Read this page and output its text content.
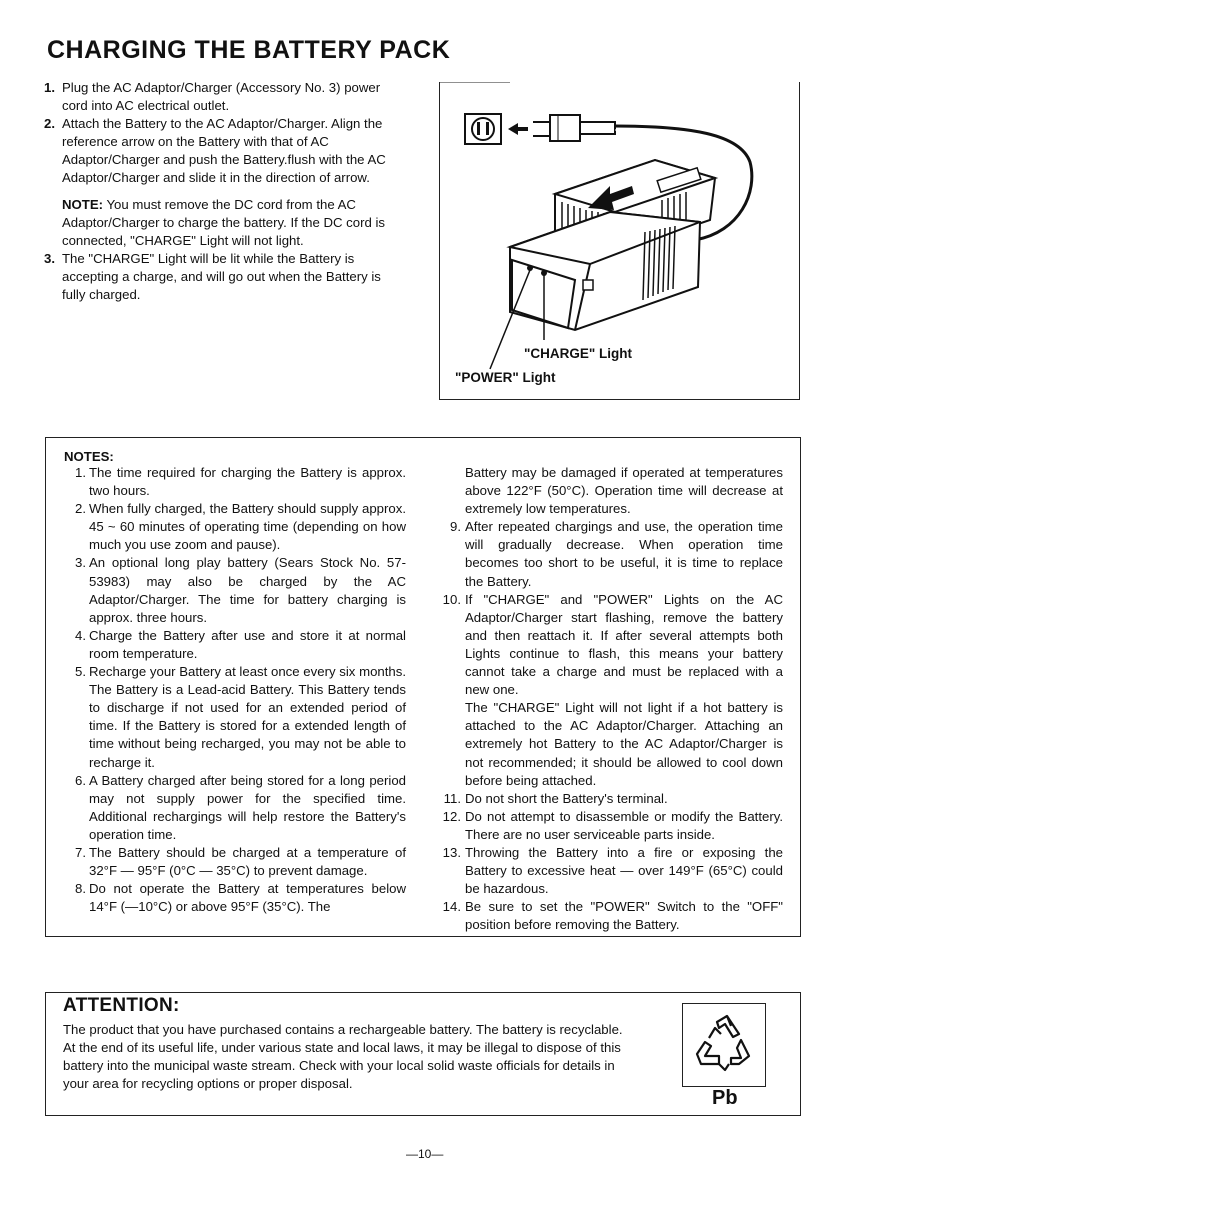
CHARGING THE BATTERY PACK
1. Plug the AC Adaptor/Charger (Accessory No. 3) power cord into AC electrical outlet.
2. Attach the Battery to the AC Adaptor/Charger. Align the reference arrow on the Battery with that of AC Adaptor/Charger and push the Battery.flush with the AC Adaptor/Charger and slide it in the direction of arrow.
NOTE: You must remove the DC cord from the AC Adaptor/Charger to charge the battery. If the DC cord is connected, "CHARGE" Light will not light.
3. The "CHARGE" Light will be lit while the Battery is accepting a charge, and will go out when the Battery is fully charged.
"CHARGE" Light
"POWER" Light
NOTES:
1. The time required for charging the Battery is approx. two hours.
2. When fully charged, the Battery should supply approx. 45 ~ 60 minutes of operating time (depending on how much you use zoom and pause).
3. An optional long play battery (Sears Stock No. 57-53983) may also be charged by the AC Adaptor/Charger. The time for battery charging is approx. three hours.
4. Charge the Battery after use and store it at normal room temperature.
5. Recharge your Battery at least once every six months. The Battery is a Lead-acid Battery. This Battery tends to discharge if not used for an extended period of time. If the Battery is stored for a extended length of time without being recharged, you may not be able to recharge it.
6. A Battery charged after being stored for a long period may not supply power for the specified time. Additional rechargings will help restore the Battery's operation time.
7. The Battery should be charged at a temperature of 32°F — 95°F (0°C — 35°C) to prevent damage.
8. Do not operate the Battery at temperatures below 14°F (—10°C) or above 95°F (35°C). The
Battery may be damaged if operated at temperatures above 122°F (50°C). Operation time will decrease at extremely low temperatures.
9. After repeated chargings and use, the operation time will gradually decrease. When operation time becomes too short to be useful, it is time to replace the Battery.
10. If "CHARGE" and "POWER" Lights on the AC Adaptor/Charger start flashing, remove the battery and then reattach it. If after several attempts both Lights continue to flash, this means your battery cannot take a charge and must be replaced with a new one.
The "CHARGE" Light will not light if a hot battery is attached to the AC Adaptor/Charger. Attaching an extremely hot Battery to the AC Adaptor/Charger is not recommended; it should be allowed to cool down before being attached.
11. Do not short the Battery's terminal.
12. Do not attempt to disassemble or modify the Battery. There are no user serviceable parts inside.
13. Throwing the Battery into a fire or exposing the Battery to excessive heat — over 149°F (65°C) could be hazardous.
14. Be sure to set the "POWER" Switch to the "OFF" position before removing the Battery.
ATTENTION:
The product that you have purchased contains a rechargeable battery. The battery is recyclable. At the end of its useful life, under various state and local laws, it may be illegal to dispose of this battery into the municipal waste stream. Check with your local solid waste officials for details in your area for recycling options or proper disposal.
Pb
—10—
